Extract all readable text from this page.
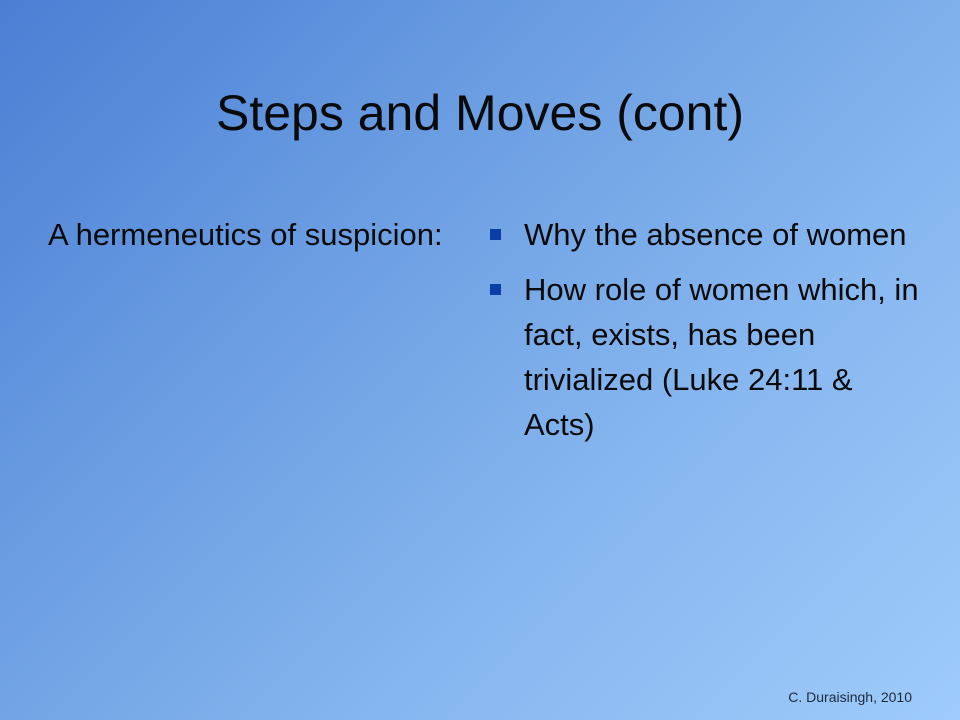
Steps and Moves (cont)
A hermeneutics of suspicion:	Why the absence of women
How role of women which, in fact, exists, has been trivialized (Luke 24:11 & Acts)
C. Duraisingh, 2010
